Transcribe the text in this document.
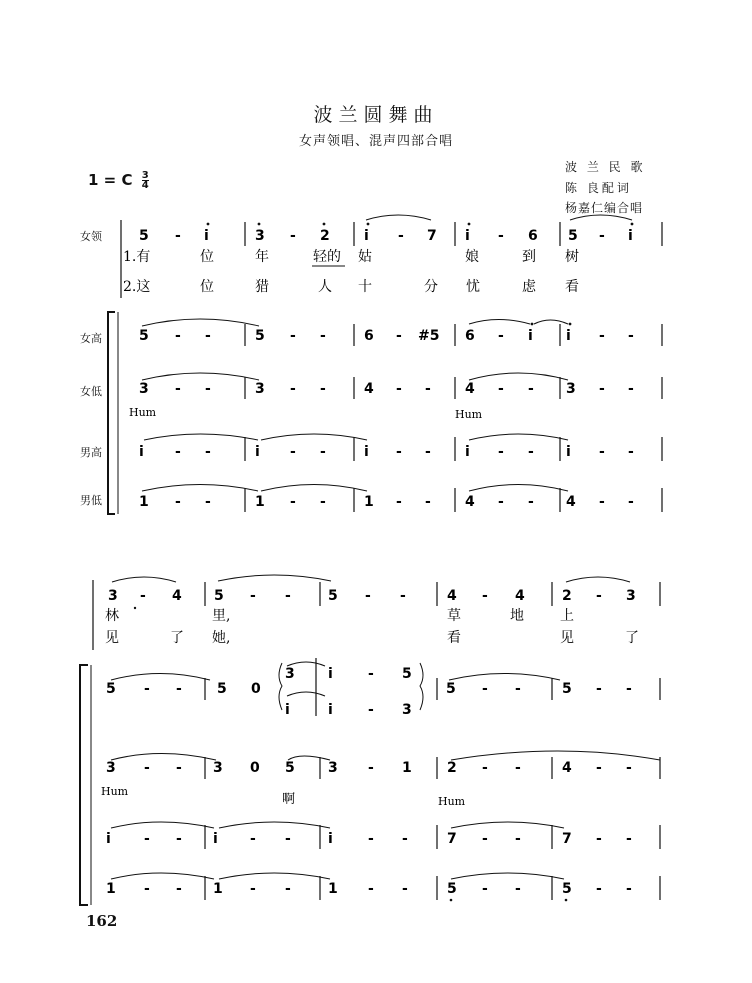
波兰圆舞曲
女声领唱、混声四部合唱
1 = C $\frac{3}{4}$
波 兰 民 歌
陈 良配词
杨嘉仁编合唱
女领
女高
女低
男高
男低
5 - i	3 - 2 i - 7 i - 6 5 - i
1.有	位	年	轻的 姑	娘	到 树
2.这	位	猎	人 十	分 忧	虑 看
5 - -	5 - -	6 - #5 6 - i i - -
3 - -	3 - -	4 - - 4 - - 3 - -
Hum	Hum
i - -	i - -	i - - i - - i - -
1 - -	1 - -	1 - - 4 - - 4 - -
3 - 4 5 - -	5 - -	4 - 4	2 - 3
林	里,	草	地	上
见	了 她,	看	见	了
5 - -	5 0
3 i	- 5
i	i	- 3
5 - -	5 - -
3 - - 3 0 5 3 - 1	2 - -	4 - -
Hum
啊	Hum
i - - i - -	i	- -	7 - -	7 - -
1 - - 1 - -	1 - -	5 - -	5 - -
162
